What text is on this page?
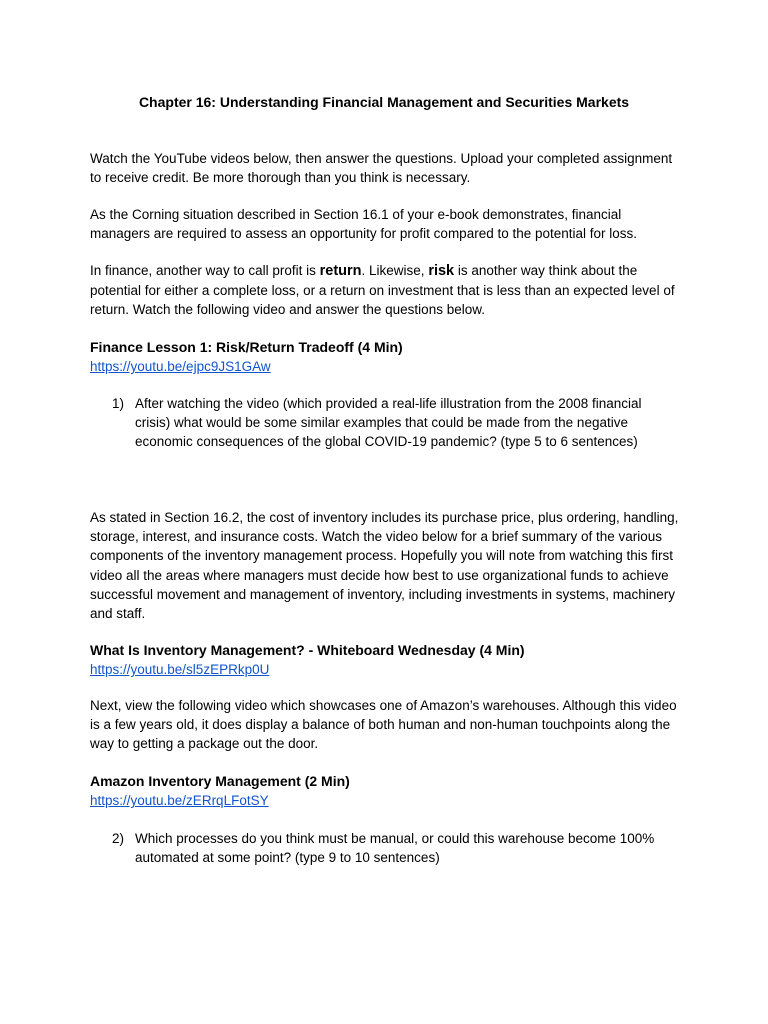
Chapter 16: Understanding Financial Management and Securities Markets

Watch the YouTube videos below, then answer the questions. Upload your completed assignment to receive credit. Be more thorough than you think is necessary.

As the Corning situation described in Section 16.1 of your e-book demonstrates, financial managers are required to assess an opportunity for profit compared to the potential for loss.

In finance, another way to call profit is return. Likewise, risk is another way think about the potential for either a complete loss, or a return on investment that is less than an expected level of return. Watch the following video and answer the questions below.

Finance Lesson 1: Risk/Return Tradeoff (4 Min)
https://youtu.be/ejpc9JS1GAw
1) After watching the video (which provided a real-life illustration from the 2008 financial crisis) what would be some similar examples that could be made from the negative economic consequences of the global COVID-19 pandemic? (type 5 to 6 sentences)

As stated in Section 16.2, the cost of inventory includes its purchase price, plus ordering, handling, storage, interest, and insurance costs. Watch the video below for a brief summary of the various components of the inventory management process. Hopefully you will note from watching this first video all the areas where managers must decide how best to use organizational funds to achieve successful movement and management of inventory, including investments in systems, machinery and staff.

What Is Inventory Management? - Whiteboard Wednesday (4 Min)
https://youtu.be/sl5zEPRkp0U

Next, view the following video which showcases one of Amazon’s warehouses. Although this video is a few years old, it does display a balance of both human and non-human touchpoints along the way to getting a package out the door.

Amazon Inventory Management (2 Min)
https://youtu.be/zERrqLFotSY
2) Which processes do you think must be manual, or could this warehouse become 100% automated at some point? (type 9 to 10 sentences)
